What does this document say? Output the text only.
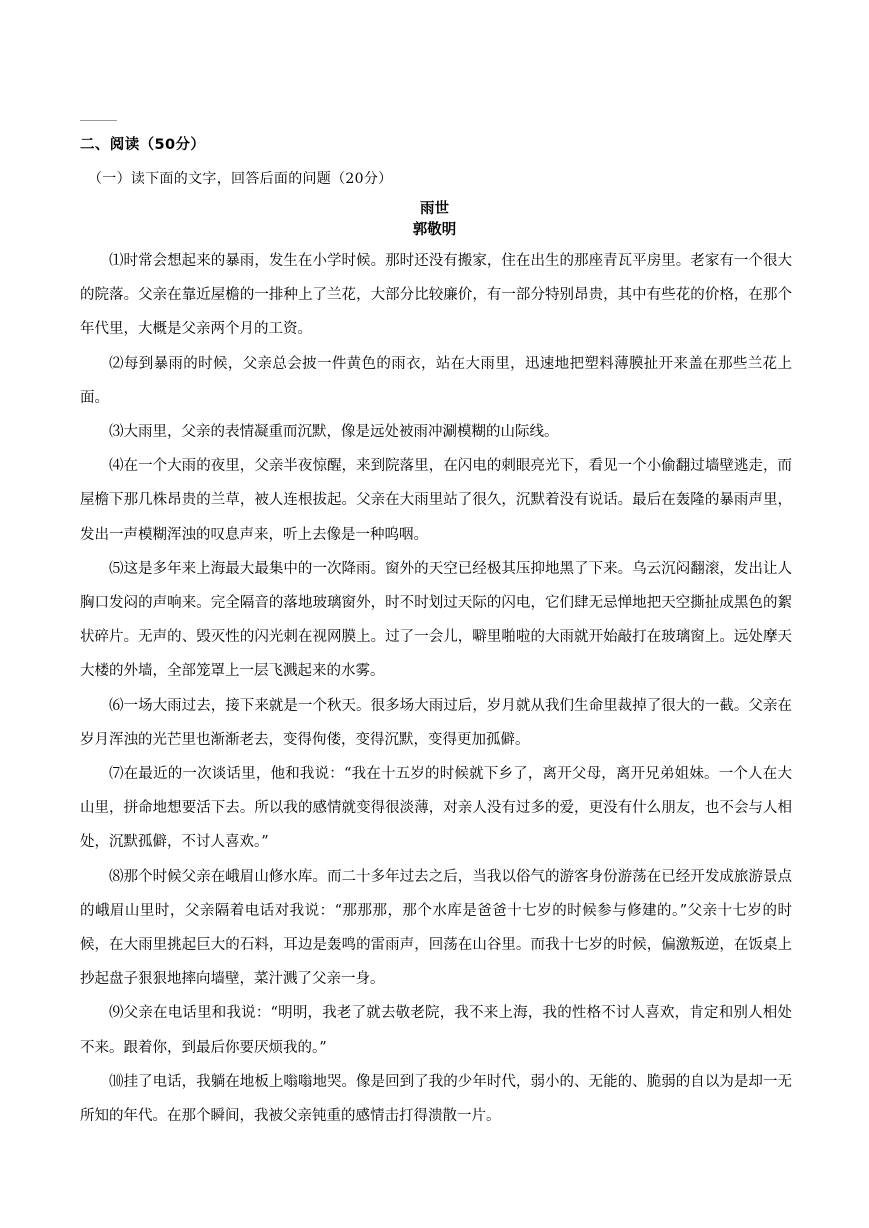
二、阅读（50分）
（一）读下面的文字，回答后面的问题（20分）
雨世
郭敬明

⑴时常会想起来的暴雨，发生在小学时候。那时还没有搬家，住在出生的那座青瓦平房里。老家有一个很大的院落。父亲在靠近屋檐的一排种上了兰花，大部分比较廉价，有一部分特别昂贵，其中有些花的价格，在那个年代里，大概是父亲两个月的工资。

⑵每到暴雨的时候，父亲总会披一件黄色的雨衣，站在大雨里，迅速地把塑料薄膜扯开来盖在那些兰花上面。

⑶大雨里，父亲的表情凝重而沉默，像是远处被雨冲涮模糊的山际线。

⑷在一个大雨的夜里，父亲半夜惊醒，来到院落里，在闪电的刺眼亮光下，看见一个小偷翻过墙壁逃走，而屋檐下那几株昂贵的兰草，被人连根拔起。父亲在大雨里站了很久，沉默着没有说话。最后在轰隆的暴雨声里，发出一声模糊浑浊的叹息声来，听上去像是一种呜咽。

⑸这是多年来上海最大最集中的一次降雨。窗外的天空已经极其压抑地黑了下来。乌云沉闷翻滚，发出让人胸口发闷的声响来。完全隔音的落地玻璃窗外，时不时划过天际的闪电，它们肆无忌惮地把天空撕扯成黑色的絮状碎片。无声的、毁灭性的闪光刺在视网膜上。过了一会儿，噼里啪啦的大雨就开始敲打在玻璃窗上。远处摩天大楼的外墙，全部笼罩上一层飞溅起来的水雾。

⑹一场大雨过去，接下来就是一个秋天。很多场大雨过后，岁月就从我们生命里裁掉了很大的一截。父亲在岁月浑浊的光芒里也渐渐老去，变得佝偻，变得沉默，变得更加孤僻。

⑺在最近的一次谈话里，他和我说：“我在十五岁的时候就下乡了，离开父母，离开兄弟姐妹。一个人在大山里，拼命地想要活下去。所以我的感情就变得很淡薄，对亲人没有过多的爱，更没有什么朋友，也不会与人相处，沉默孤僻，不讨人喜欢。”

⑻那个时候父亲在峨眉山修水库。而二十多年过去之后，当我以俗气的游客身份游荡在已经开发成旅游景点的峨眉山里时，父亲隔着电话对我说：“那那那，那个水库是爸爸十七岁的时候参与修建的。”父亲十七岁的时候，在大雨里挑起巨大的石料，耳边是轰鸣的雷雨声，回荡在山谷里。而我十七岁的时候，偏激叛逆，在饭桌上抄起盘子狠狠地摔向墙壁，菜汁溅了父亲一身。

⑼父亲在电话里和我说：“明明，我老了就去敬老院，我不来上海，我的性格不讨人喜欢，肯定和别人相处不来。跟着你，到最后你要厌烦我的。”

⑽挂了电话，我躺在地板上嗡嗡地哭。像是回到了我的少年时代，弱小的、无能的、脆弱的自以为是却一无所知的年代。在那个瞬间，我被父亲钝重的感情击打得溃散一片。
